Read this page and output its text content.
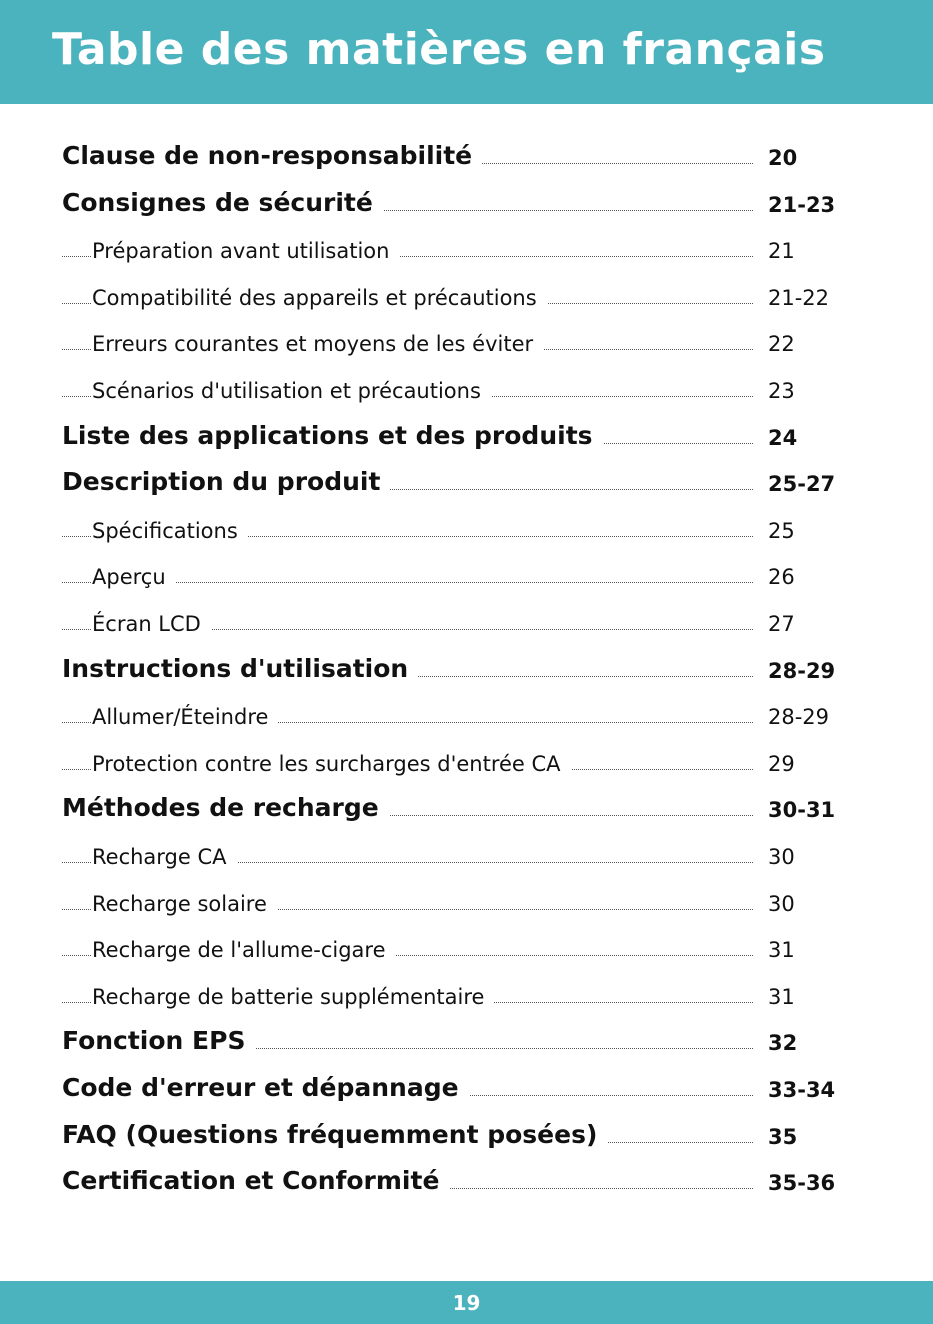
Table des matières en français
Clause de non-responsabilité	20
Consignes de sécurité	21-23
Préparation avant utilisation	21
Compatibilité des appareils et précautions	21-22
Erreurs courantes et moyens de les éviter	22
Scénarios d'utilisation et précautions	23
Liste des applications et des produits	24
Description du produit	25-27
Spécifications	25
Aperçu	26
Écran LCD	27
Instructions d'utilisation	28-29
Allumer/Éteindre	28-29
Protection contre les surcharges d'entrée CA	29
Méthodes de recharge	30-31
Recharge CA	30
Recharge solaire	30
Recharge de l'allume-cigare	31
Recharge de batterie supplémentaire	31
Fonction EPS	32
Code d'erreur et dépannage	33-34
FAQ (Questions fréquemment posées)	35
Certification et Conformité	35-36
19
